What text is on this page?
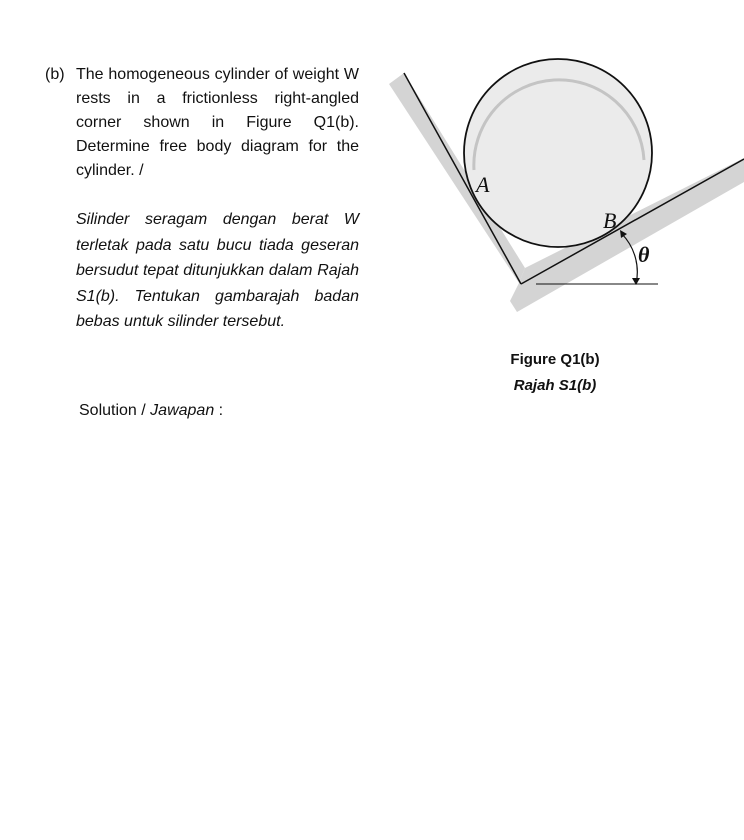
(b) The homogeneous cylinder of weight W rests in a frictionless right-angled corner shown in Figure Q1(b). Determine free body diagram for the cylinder. /
Silinder seragam dengan berat W terletak pada satu bucu tiada geseran bersudut tepat ditunjukkan dalam Rajah S1(b). Tentukan gambarajah badan bebas untuk silinder tersebut.
A
B
θ
Figure Q1(b)
Rajah S1(b)
Solution / Jawapan :
